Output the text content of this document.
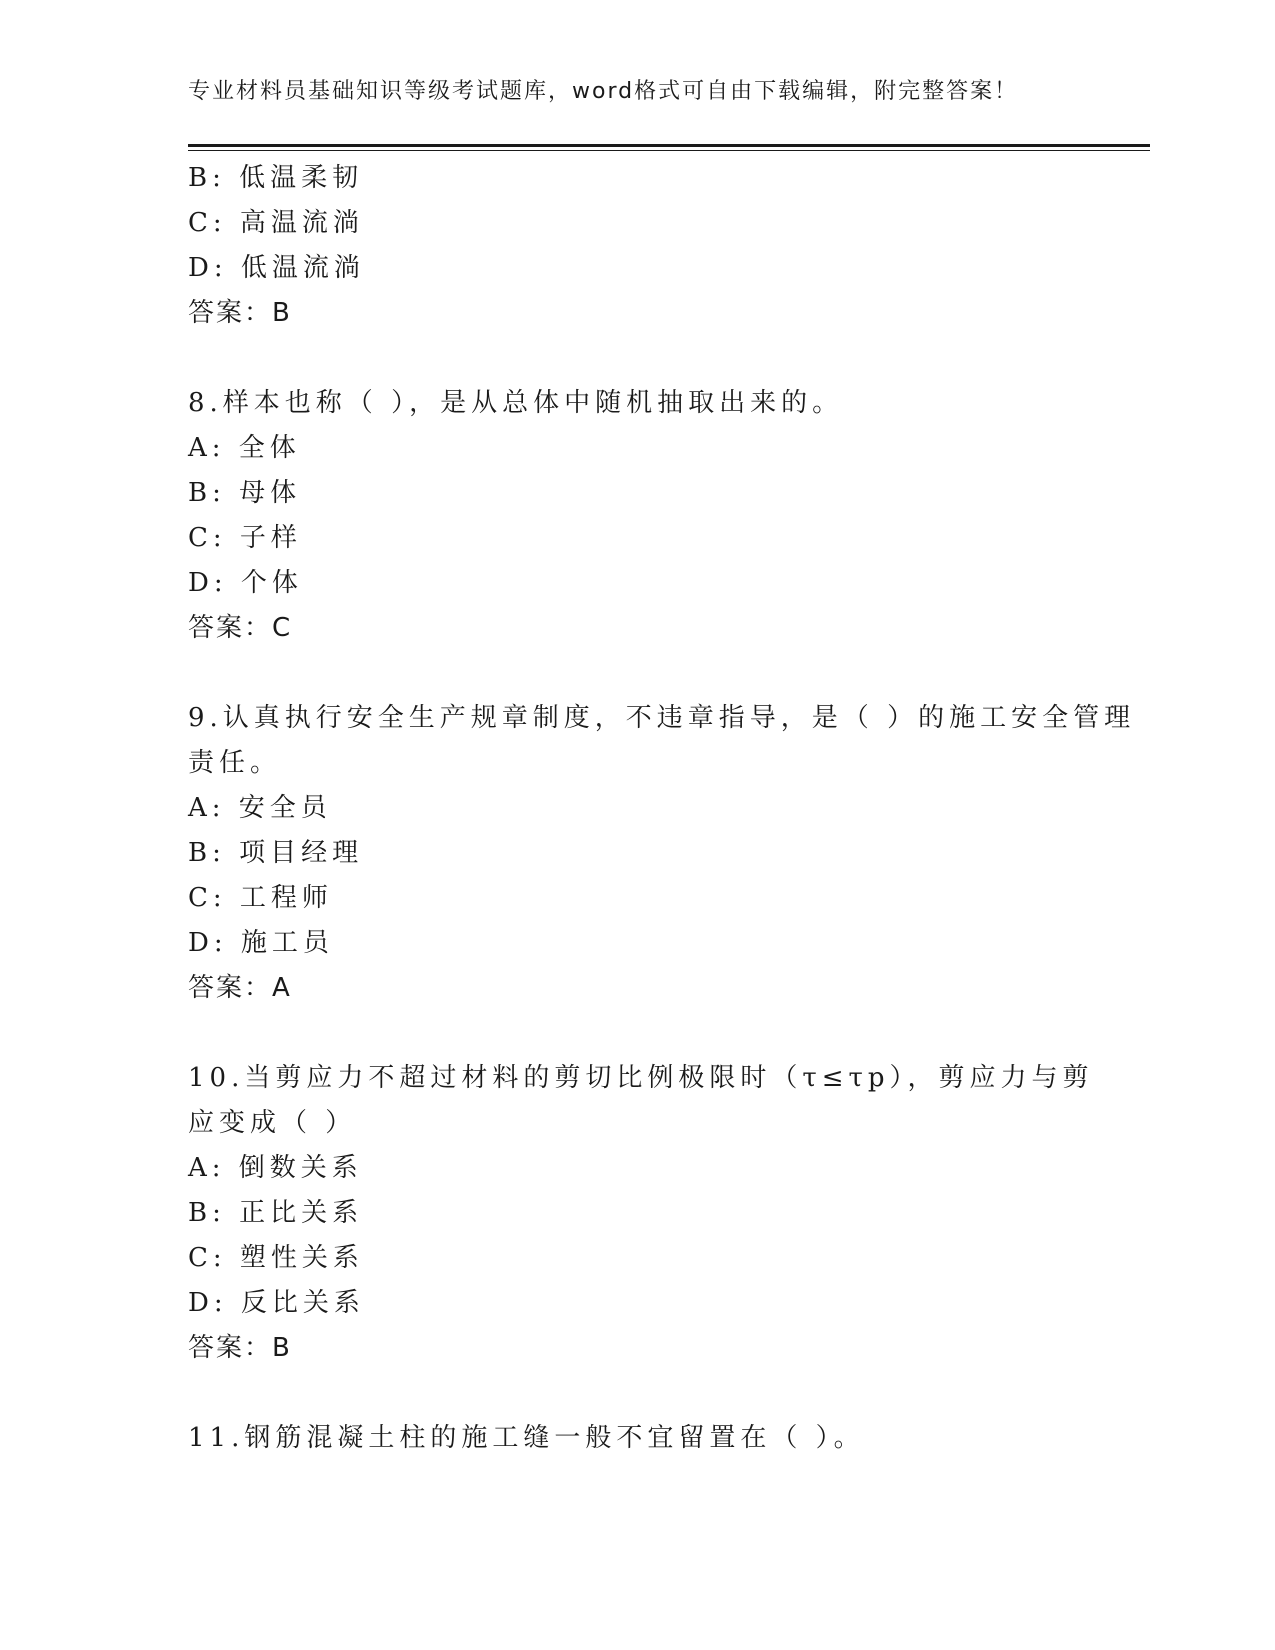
专业材料员基础知识等级考试题库，word格式可自由下载编辑，附完整答案！
B: 低温柔韧
C: 高温流淌
D: 低温流淌
答案：B
8.样本也称（ ），是从总体中随机抽取出来的。
A: 全体
B: 母体
C: 子样
D: 个体
答案：C
9.认真执行安全生产规章制度，不违章指导，是（ ）的施工安全管理
责任。
A: 安全员
B: 项目经理
C: 工程师
D: 施工员
答案：A
10.当剪应力不超过材料的剪切比例极限时（τ≤τp），剪应力与剪
应变成（ ）
A: 倒数关系
B: 正比关系
C: 塑性关系
D: 反比关系
答案：B
11.钢筋混凝土柱的施工缝一般不宜留置在（ ）。
